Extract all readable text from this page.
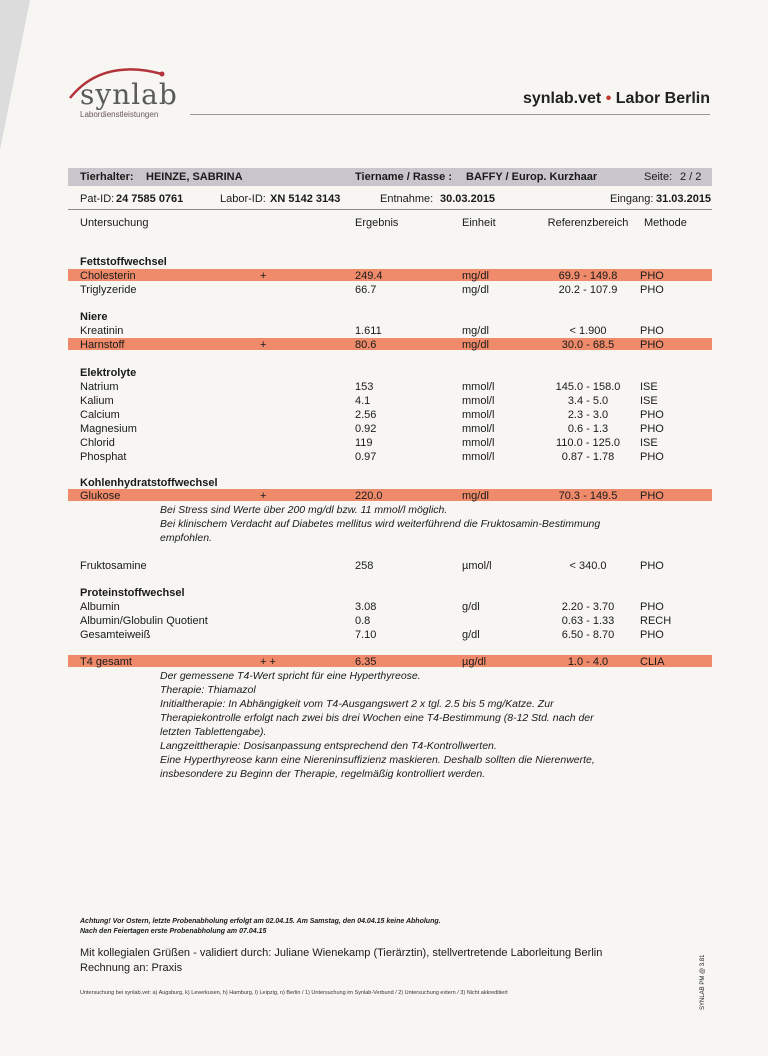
synlab
Labordienstleistungen
synlab.vet • Labor Berlin
Tierhalter: HEINZE, SABRINA	Tiername / Rasse : BAFFY / Europ. Kurzhaar	Seite: 2 / 2
Pat-ID: 24 7585 0761	Labor-ID: XN 5142 3143	Entnahme: 30.03.2015	Eingang: 31.03.2015
Untersuchung	Ergebnis	Einheit	Referenzbereich	Methode
Fettstoffwechsel
Niere
Elektrolyte
Kohlenhydratstoffwechsel
Proteinstoffwechsel
Cholesterin	+	249.4	mg/dl	69.9 - 149.8	PHO
Triglyzeride	66.7	mg/dl	20.2 - 107.9	PHO
Kreatinin	1.611	mg/dl	< 1.900	PHO
Harnstoff	+	80.6	mg/dl	30.0 - 68.5	PHO
Natrium	153	mmol/l	145.0 - 158.0	ISE
Kalium	4.1	mmol/l	3.4 - 5.0	ISE
Calcium	2.56	mmol/l	2.3 - 3.0	PHO
Magnesium	0.92	mmol/l	0.6 - 1.3	PHO
Chlorid	119	mmol/l	110.0 - 125.0	ISE
Phosphat	0.97	mmol/l	0.87 - 1.78	PHO
Glukose	+	220.0	mg/dl	70.3 - 149.5	PHO
Fruktosamine	258	µmol/l	< 340.0	PHO
Albumin	3.08	g/dl	2.20 - 3.70	PHO
Albumin/Globulin Quotient	0.8	0.63 - 1.33	RECH
Gesamteiweiß	7.10	g/dl	6.50 - 8.70	PHO
T4 gesamt	+ +	6.35	µg/dl	1.0 - 4.0	CLIA
Bei Stress sind Werte über 200 mg/dl bzw. 11 mmol/l möglich.
Bei klinischem Verdacht auf Diabetes mellitus wird weiterführend die Fruktosamin-Bestimmung
empfohlen.
Der gemessene T4-Wert spricht für eine Hyperthyreose.
Therapie: Thiamazol
Initialtherapie: In Abhängigkeit vom T4-Ausgangswert 2 x tgl. 2.5 bis 5 mg/Katze. Zur
Therapiekontrolle erfolgt nach zwei bis drei Wochen eine T4-Bestimmung (8-12 Std. nach der
letzten Tablettengabe).
Langzeittherapie: Dosisanpassung entsprechend den T4-Kontrollwerten.
Eine Hyperthyreose kann eine Niereninsuffizienz maskieren. Deshalb sollten die Nierenwerte,
insbesondere zu Beginn der Therapie, regelmäßig kontrolliert werden.
Achtung! Vor Ostern, letzte Probenabholung erfolgt am 02.04.15. Am Samstag, den 04.04.15 keine Abholung.
Nach den Feiertagen erste Probenabholung am 07.04.15
Mit kollegialen Grüßen - validiert durch: Juliane Wienekamp (Tierärztin), stellvertretende Laborleitung Berlin
Rechnung an: Praxis
Untersuchung bei synlab.vet: a) Augsburg, k) Leverkusen, h) Hamburg, l) Leipzig, n) Berlin / 1) Untersuchung im Synlab-Verbund / 2) Untersuchung extern / 3) Nicht akkreditiert	SYNLAB PM @ 3.81
